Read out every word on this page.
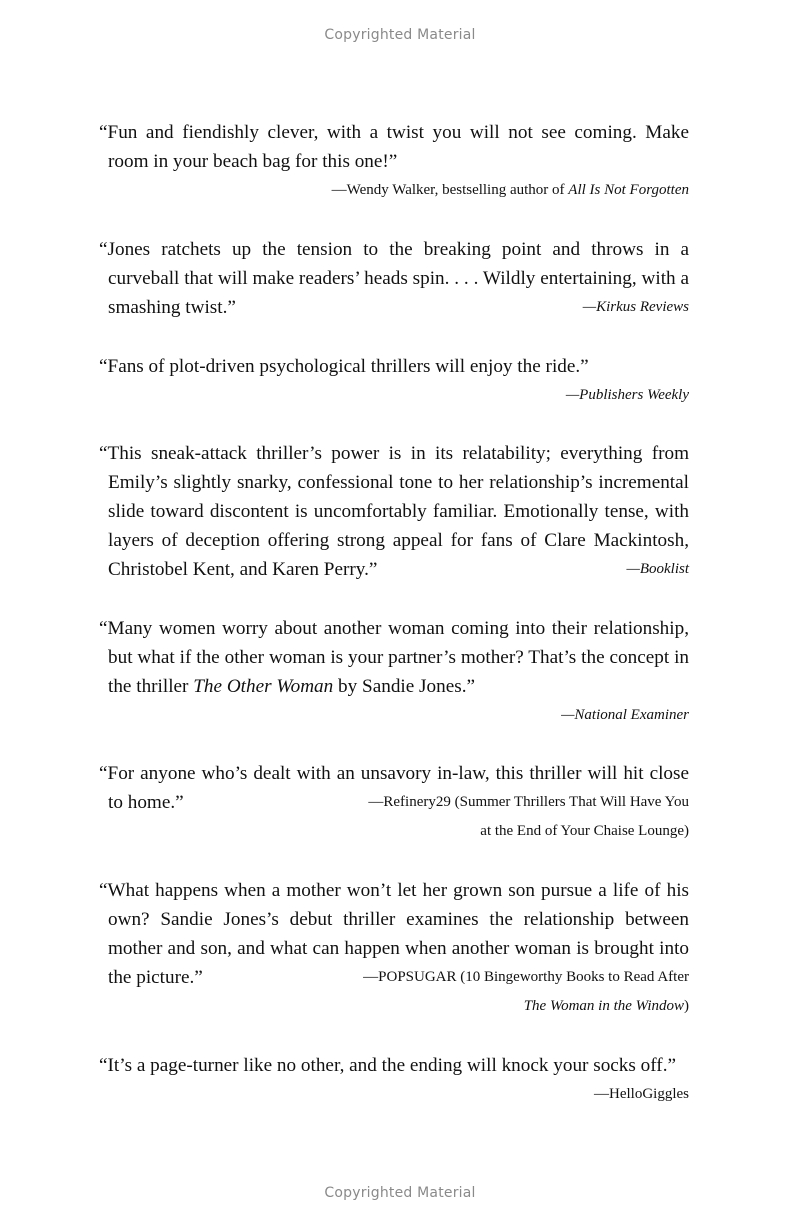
Copyrighted Material

“Fun and fiendishly clever, with a twist you will not see coming. Make room in your beach bag for this one!”

—Wendy Walker, bestselling author of All Is Not Forgotten

“Jones ratchets up the tension to the breaking point and throws in a curveball that will make readers’ heads spin. . . . Wildly entertaining, with a smashing twist.”	—Kirkus Reviews

“Fans of plot-driven psychological thrillers will enjoy the ride.”

—Publishers Weekly

“This sneak-attack thriller’s power is in its relatability; everything from Emily’s slightly snarky, confessional tone to her relationship’s incremental slide toward discontent is uncomfortably familiar. Emotionally tense, with layers of deception offering strong appeal for fans of Clare Mackintosh, Christobel Kent, and Karen Perry.”	—Booklist

“Many women worry about another woman coming into their relationship, but what if the other woman is your partner’s mother? That’s the concept in the thriller The Other Woman by Sandie Jones.”

—National Examiner

“For anyone who’s dealt with an unsavory in-law, this thriller will hit close to home.”	—Refinery29 (Summer Thrillers That Will Have You

at the End of Your Chaise Lounge)

“What happens when a mother won’t let her grown son pursue a life of his own? Sandie Jones’s debut thriller examines the relationship between mother and son, and what can happen when another woman is brought into the picture.”	—POPSUGAR (10 Bingeworthy Books to Read After

The Woman in the Window)

“It’s a page-turner like no other, and the ending will knock your socks off.”

—HelloGiggles

Copyrighted Material
